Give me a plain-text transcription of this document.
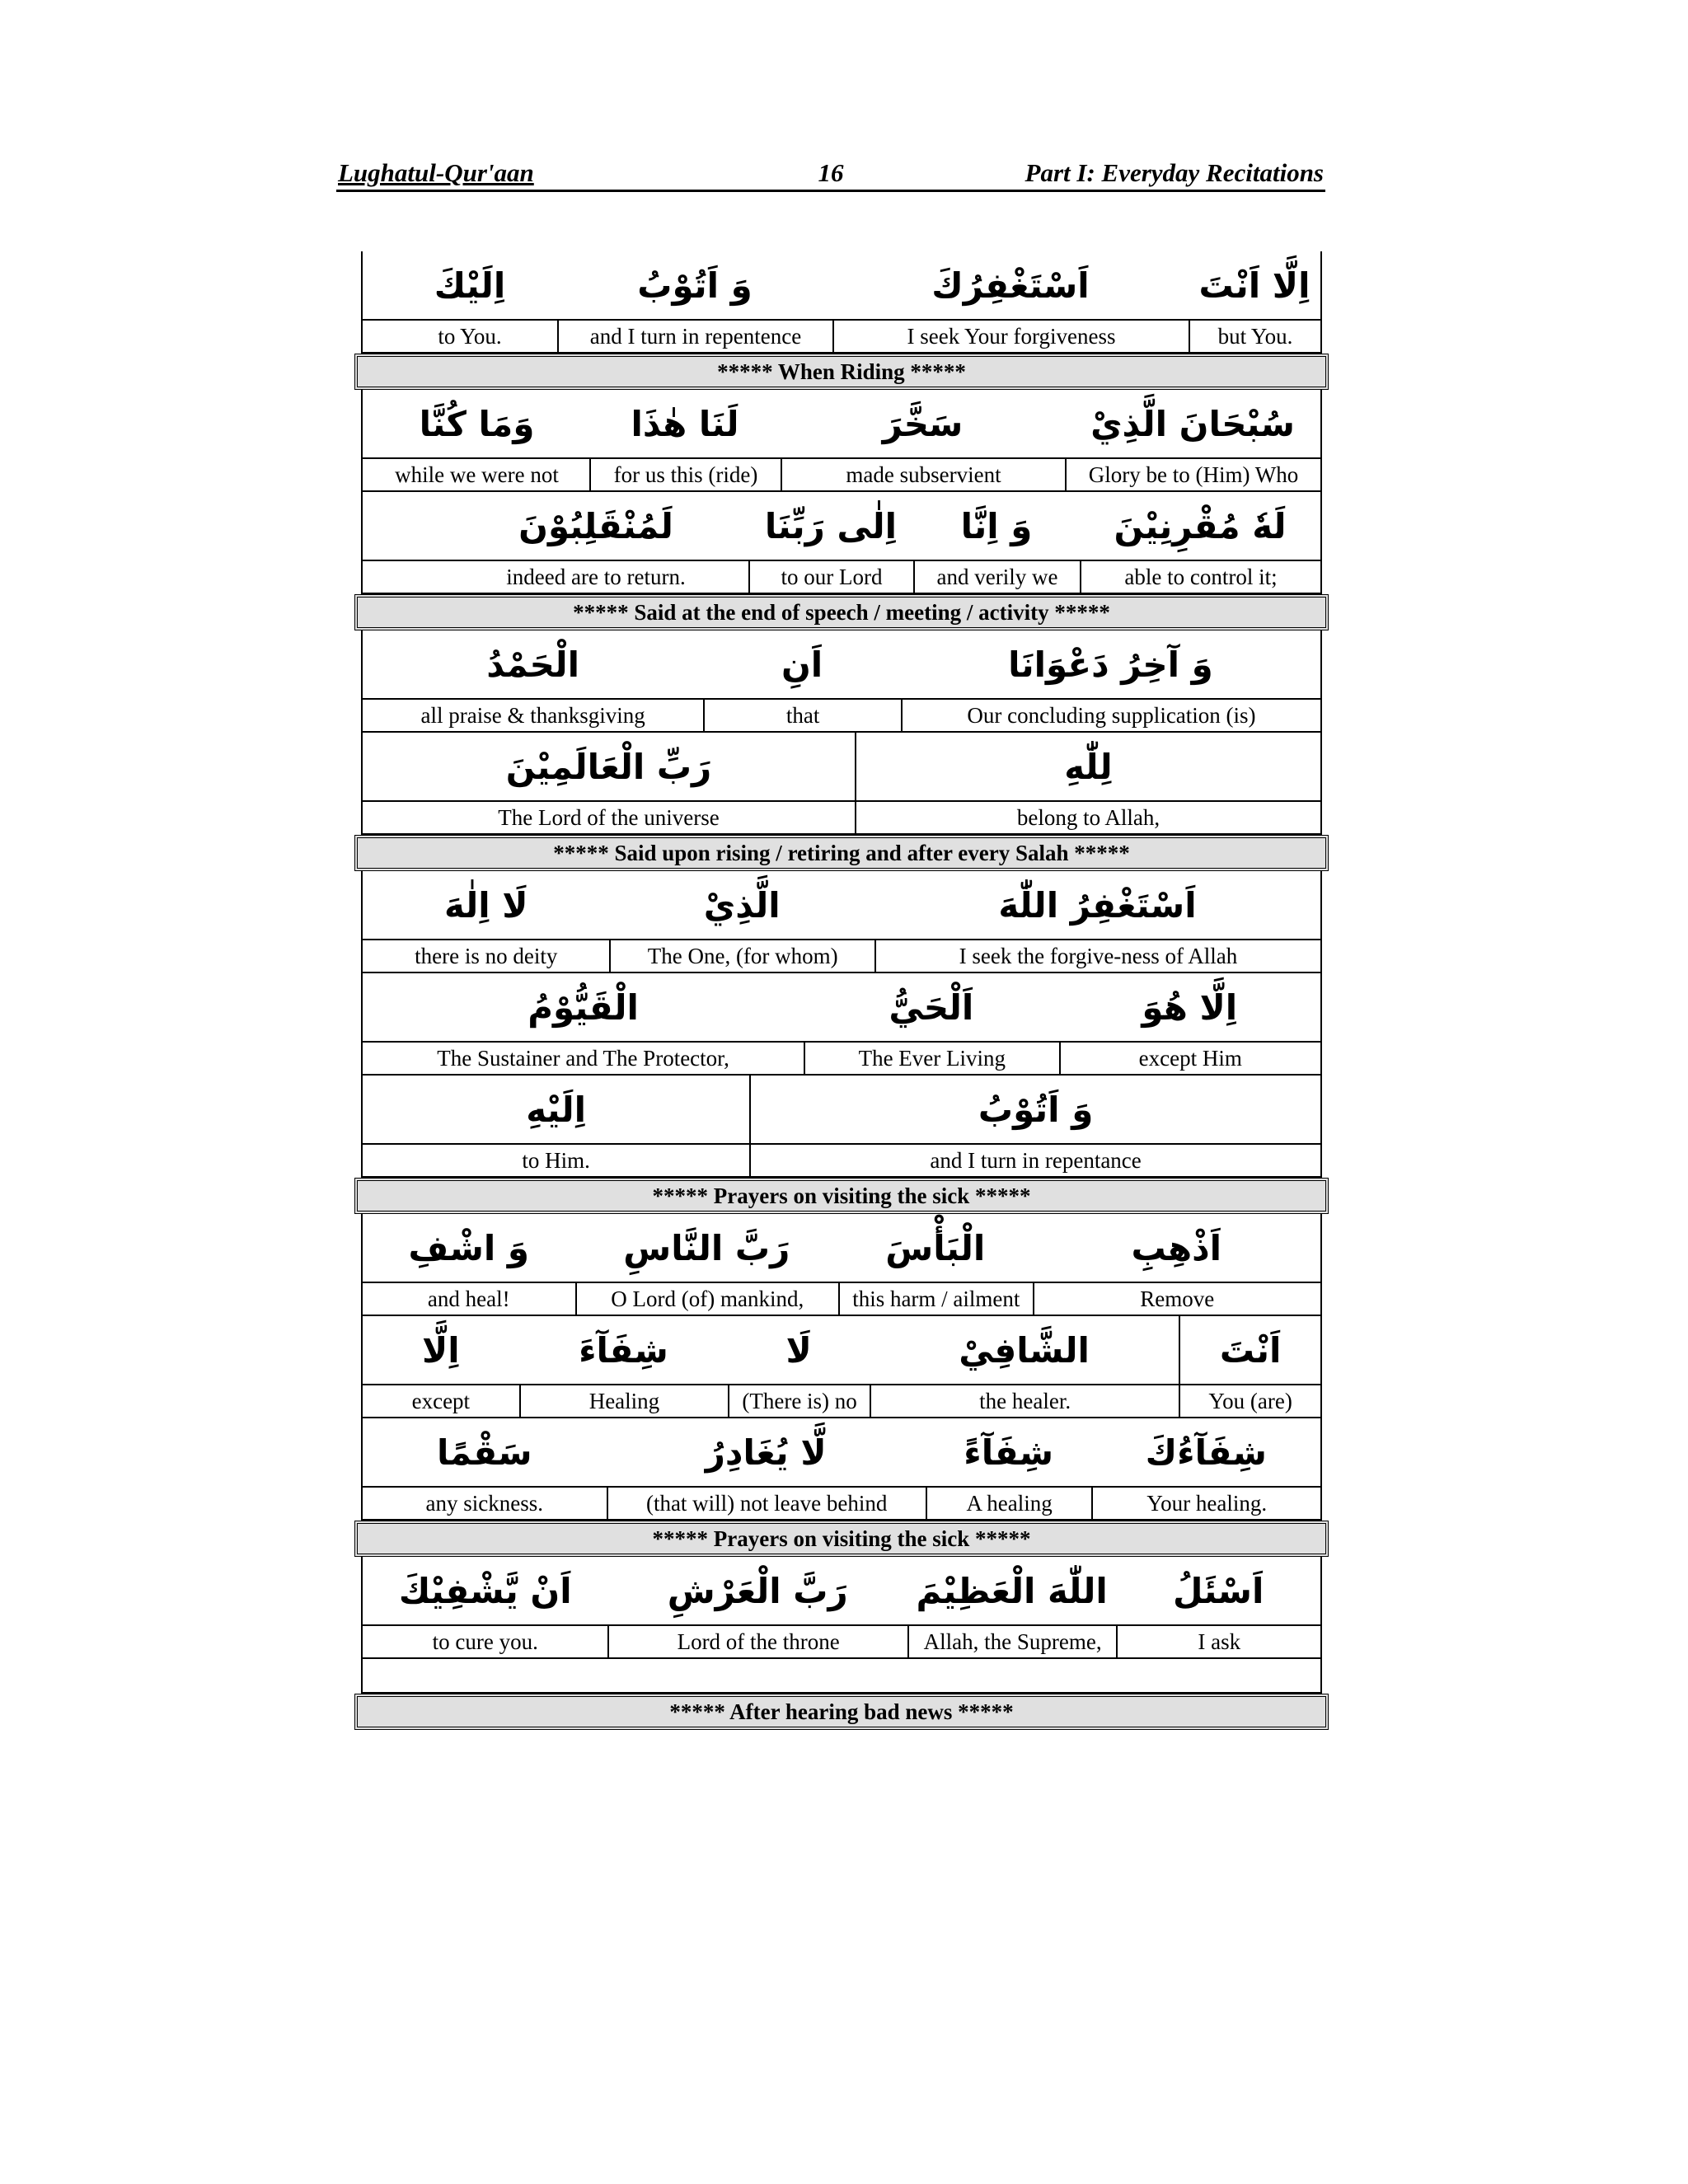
Lughatul-Qur'aan	16	Part I: Everyday Recitations
اِلَّا اَنْتَ
اَسْتَغْفِرُكَ
وَ اَتُوْبُ
اِلَيْكَ
but You.
I seek Your forgiveness
and I turn in repentence
to You.
***** When Riding *****
سُبْحَانَ الَّذِيْ
سَخَّرَ
لَنَا هٰذَا
وَمَا كُنَّا
Glory be to (Him) Who
made subservient
for us this (ride)
while we were not
لَهٗ مُقْرِنِيْنَ
وَ اِنَّا
اِلٰى رَبِّنَا
لَمُنْقَلِبُوْنَ
able to control it;
and verily we
to our Lord
indeed are to return.
***** Said at the end of speech / meeting / activity *****
وَ آخِرُ دَعْوَانَا
اَنِ
الْحَمْدُ
Our concluding supplication (is)
that
all praise & thanksgiving
لِلّٰهِ
رَبِّ الْعَالَمِيْنَ
belong to Allah,
The Lord of the universe
***** Said upon rising / retiring and after every Salah *****
اَسْتَغْفِرُ اللّٰهَ
الَّذِيْ
لَا اِلٰهَ
I seek the forgive-ness of Allah
The One, (for whom)
there is no deity
اِلَّا هُوَ
اَلْحَيُّ
الْقَيُّوْمُ
except Him
The Ever Living
The Sustainer and The Protector,
وَ اَتُوْبُ
اِلَيْهِ
and I turn in repentance
to Him.
***** Prayers on visiting the sick *****
اَذْهِبِ
الْبَأْسَ
رَبَّ النَّاسِ
وَ اشْفِ
Remove
this harm / ailment
O Lord (of) mankind,
and heal!
اَنْتَ
الشَّافِيْ
لَا
شِفَآءَ
اِلَّا
You (are)
the healer.
(There is) no
Healing
except
شِفَآءُكَ
شِفَآءً
لَّا يُغَادِرُ
سَقْمًا
Your healing.
A healing
(that will) not leave behind
any sickness.
***** Prayers on visiting the sick *****
اَسْئَلُ
اللّٰهَ الْعَظِيْمَ
رَبَّ الْعَرْشِ
اَنْ يَّشْفِيْكَ
I ask
Allah, the Supreme,
Lord of the throne
to cure you.
***** After hearing bad news *****
